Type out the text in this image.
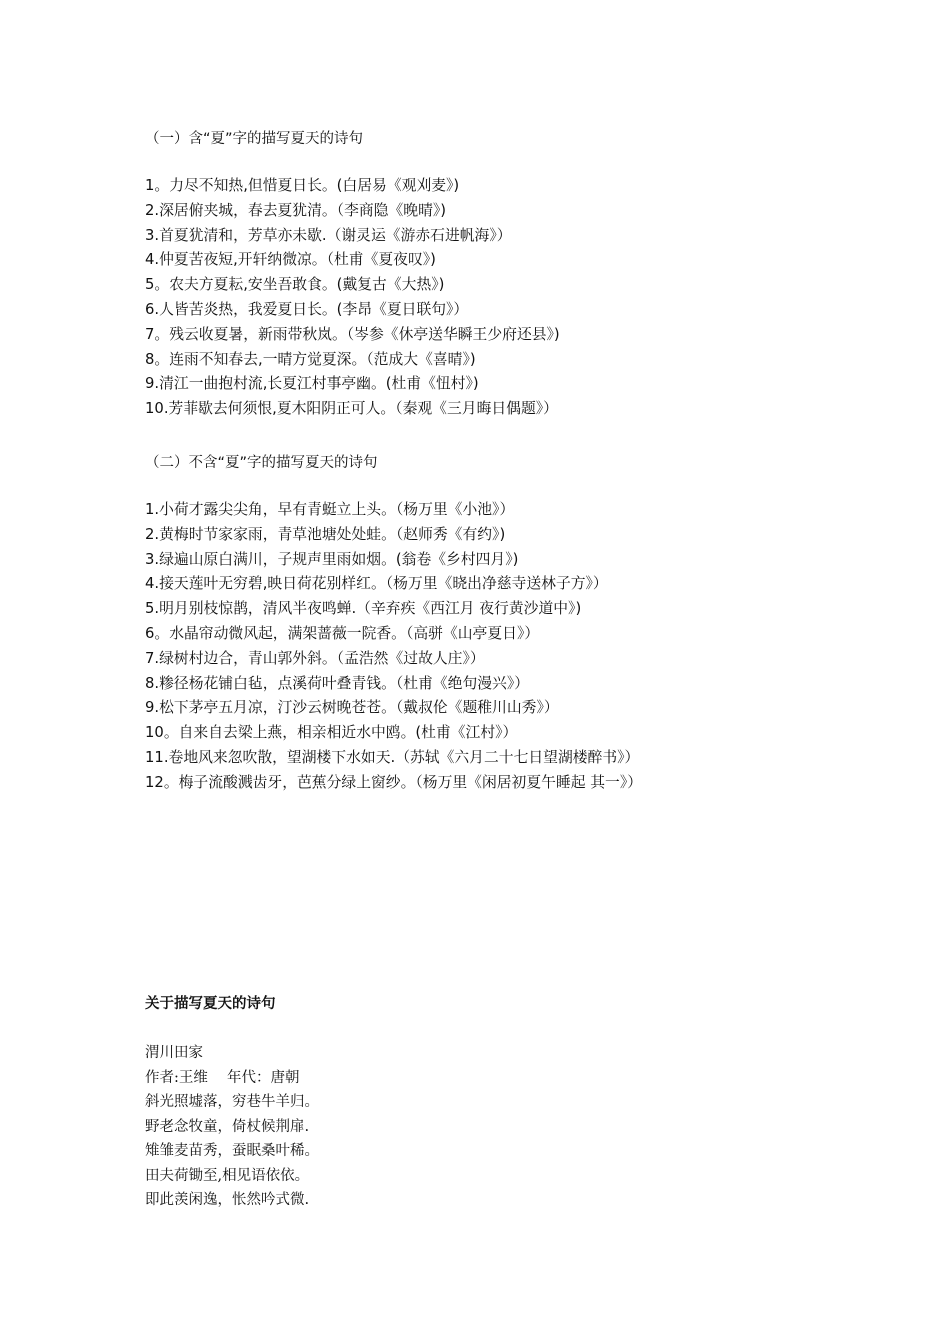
（一）含“夏”字的描写夏天的诗句
1。力尽不知热,但惜夏日长。(白居易《观刈麦》)
2.深居俯夹城，春去夏犹清。（李商隐《晚晴》)
3.首夏犹清和，芳草亦未歇.（谢灵运《游赤石进帆海》）
4.仲夏苦夜短,开轩纳微凉。（杜甫《夏夜叹》)
5。农夫方夏耘,安坐吾敢食。(戴复古《大热》)
6.人皆苦炎热，我爱夏日长。(李昂《夏日联句》）
7。残云收夏暑，新雨带秋岚。（岑参《休亭送华瞬王少府还县》)
8。连雨不知春去,一晴方觉夏深。（范成大《喜晴》)
9.清江一曲抱村流,长夏江村事亭幽。(杜甫《忸村》)
10.芳菲歇去何须恨,夏木阳阴正可人。（秦观《三月晦日偶题》）
（二）不含“夏”字的描写夏天的诗句
1.小荷才露尖尖角，早有青蜓立上头。（杨万里《小池》）
2.黄梅时节家家雨，青草池塘处处蛙。（赵师秀《有约》)
3.绿遍山原白满川，子规声里雨如烟。(翁卷《乡村四月》)
4.接天莲叶无穷碧,映日荷花别样红。（杨万里《晓出净慈寺送林子方》）
5.明月别枝惊鹊，清风半夜鸣蝉.（辛弃疾《西江月 夜行黄沙道中》)
6。水晶帘动微风起，满架蔷薇一院香。（高骈《山亭夏日》）
7.绿树村边合，青山郭外斜。（孟浩然《过故人庄》）
8.糁径杨花铺白毡，点溪荷叶叠青钱。（杜甫《绝句漫兴》）
9.松下茅亭五月凉，汀沙云树晚苍苍。（戴叔伦《题稚川山秀》）
10。自来自去梁上燕，相亲相近水中鸥。(杜甫《江村》）
11.卷地风来忽吹散，望湖楼下水如天.（苏轼《六月二十七日望湖楼醉书》）
12。梅子流酸溅齿牙，芭蕉分绿上窗纱。（杨万里《闲居初夏午睡起 其一》）
关于描写夏天的诗句
渭川田家
作者:王维　 年代：唐朝
斜光照墟落，穷巷牛羊归。
野老念牧童，倚杖候荆扉.
雉雏麦苗秀，蚕眠桑叶稀。
田夫荷锄至,相见语依依。
即此羡闲逸，怅然吟式微.
